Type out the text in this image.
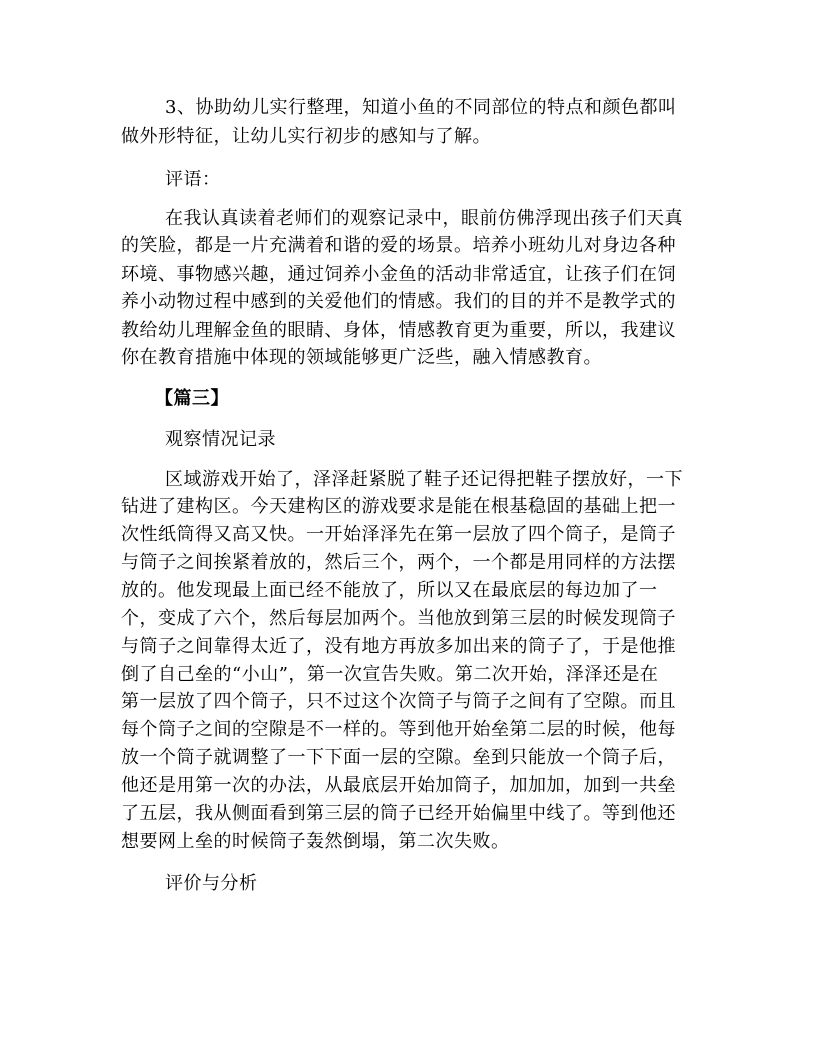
3、协助幼儿实行整理，知道小鱼的不同部位的特点和颜色都叫
做外形特征，让幼儿实行初步的感知与了解。
评语：
在我认真读着老师们的观察记录中，眼前仿佛浮现出孩子们天真
的笑脸，都是一片充满着和谐的爱的场景。培养小班幼儿对身边各种
环境、事物感兴趣，通过饲养小金鱼的活动非常适宜，让孩子们在饲
养小动物过程中感到的关爱他们的情感。我们的目的并不是教学式的
教给幼儿理解金鱼的眼睛、身体，情感教育更为重要，所以，我建议
你在教育措施中体现的领域能够更广泛些，融入情感教育。
【篇三】
观察情况记录
区域游戏开始了，泽泽赶紧脱了鞋子还记得把鞋子摆放好，一下
钻进了建构区。今天建构区的游戏要求是能在根基稳固的基础上把一
次性纸筒得又高又快。一开始泽泽先在第一层放了四个筒子，是筒子
与筒子之间挨紧着放的，然后三个，两个，一个都是用同样的方法摆
放的。他发现最上面已经不能放了，所以又在最底层的每边加了一
个，变成了六个，然后每层加两个。当他放到第三层的时候发现筒子
与筒子之间靠得太近了，没有地方再放多加出来的筒子了，于是他推
倒了自己垒的“小山”，第一次宣告失败。第二次开始，泽泽还是在
第一层放了四个筒子，只不过这个次筒子与筒子之间有了空隙。而且
每个筒子之间的空隙是不一样的。等到他开始垒第二层的时候，他每
放一个筒子就调整了一下下面一层的空隙。垒到只能放一个筒子后，
他还是用第一次的办法，从最底层开始加筒子，加加加，加到一共垒
了五层，我从侧面看到第三层的筒子已经开始偏里中线了。等到他还
想要网上垒的时候筒子轰然倒塌，第二次失败。
评价与分析
